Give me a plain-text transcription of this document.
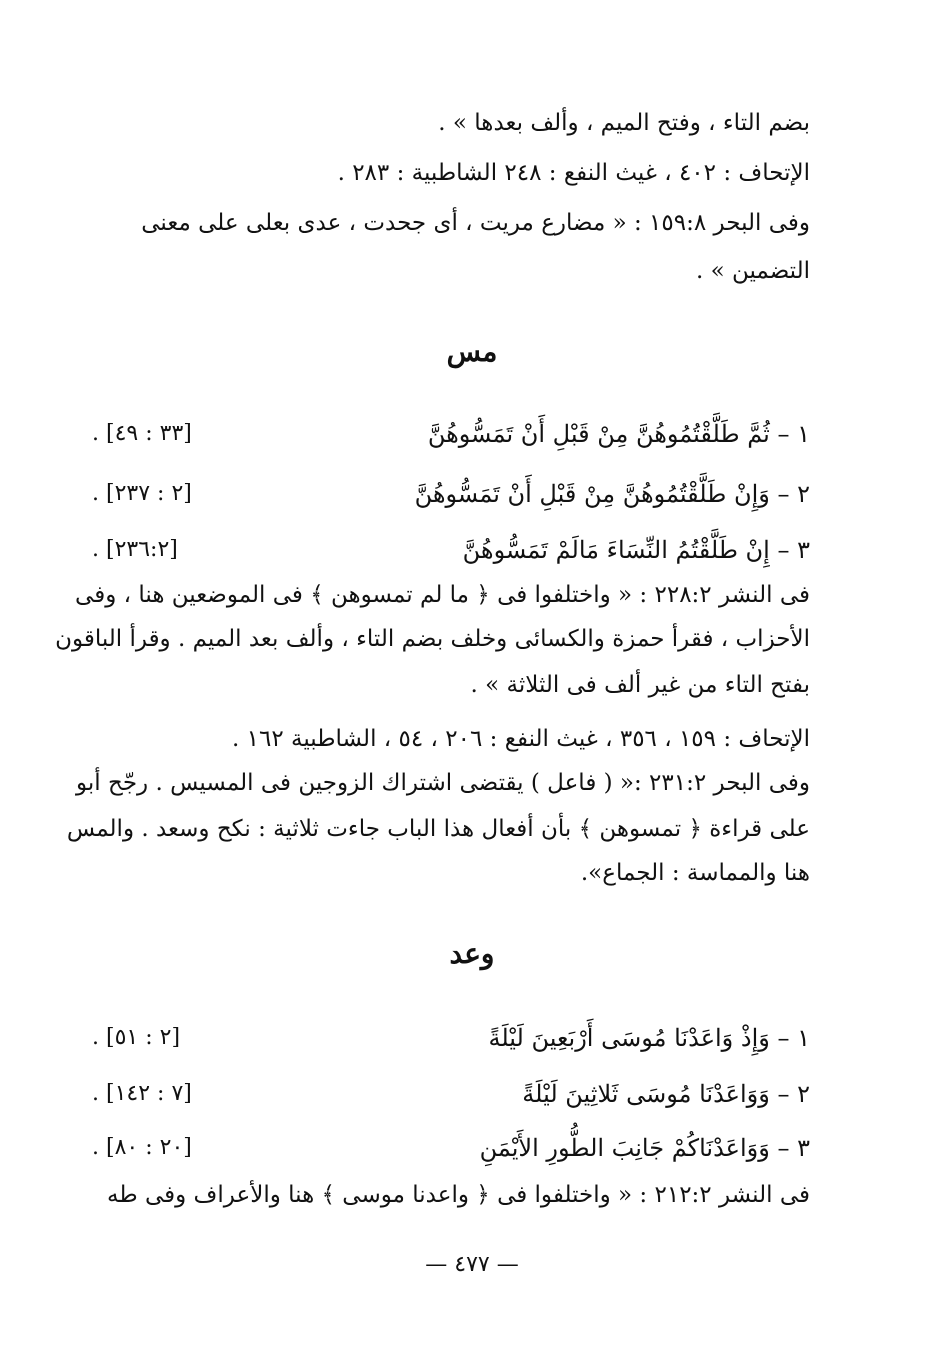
بضم التاء ، وفتح الميم ، وألف بعدها » .
الإتحاف : ٤٠٢ ، غيث النفع : ٢٤٨ الشاطبية : ٢٨٣ .
وفى البحر ١٥٩:٨ : « مضارع مريت ، أى جحدت ، عدى بعلى على معنى
التضمين » .
مس
١ – ثُمَّ طَلَّقْتُمُوهُنَّ مِنْ قَبْلِ أَنْ تَمَسُّوهُنَّ
[٣٣ : ٤٩] .
٢ – وَإِنْ طَلَّقْتُمُوهُنَّ مِنْ قَبْلِ أَنْ تَمَسُّوهُنَّ
[٢ : ٢٣٧] .
٣ – إِنْ طَلَّقْتُمُ النِّسَاءَ مَالَمْ تَمَسُّوهُنَّ
[٢٣٦:٢] .
فى النشر ٢٢٨:٢ : « واختلفوا فى ﴿ ما لم تمسوهن ﴾ فى الموضعين هنا ، وفى
الأحزاب ، فقرأ حمزة والكسائى وخلف بضم التاء ، وألف بعد الميم . وقرأ الباقون
بفتح التاء من غير ألف فى الثلاثة » .
الإتحاف : ١٥٩ ، ٣٥٦ ، غيث النفع : ٢٠٦ ، ٥٤ ، الشاطبية ١٦٢ .
وفى البحر ٢٣١:٢ :« ( فاعل ) يقتضى اشتراك الزوجين فى المسيس . رجّح أبو
على قراءة ﴿ تمسوهن ﴾ بأن أفعال هذا الباب جاءت ثلاثية : نكح وسعد . والمس
هنا والمماسة : الجماع».
وعد
١ – وَإِذْ وَاعَدْنَا مُوسَى أَرْبَعِينَ لَيْلَةً
[٢ : ٥١] .
٢ – وَوَاعَدْنَا مُوسَى ثَلاثِينَ لَيْلَةً
[٧ : ١٤٢] .
٣ – وَوَاعَدْنَاكُمْ جَانِبَ الطُّورِ الأَيْمَنِ
[٢٠ : ٨٠] .
فى النشر ٢١٢:٢ : « واختلفوا فى ﴿ واعدنا موسى ﴾ هنا والأعراف وفى طه
— ٤٧٧ —
